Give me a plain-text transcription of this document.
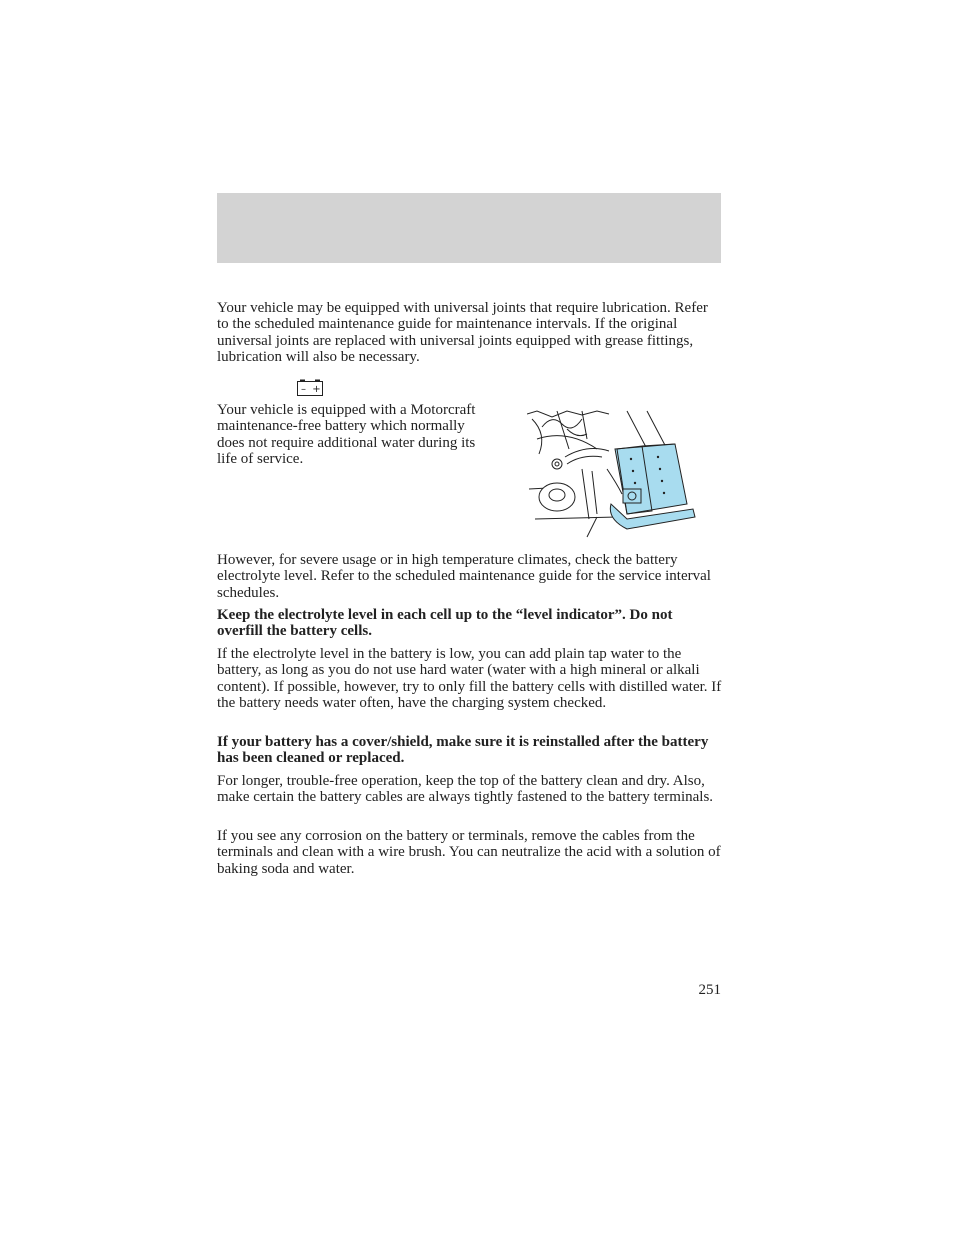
Your vehicle may be equipped with universal joints that require lubrication. Refer to the scheduled maintenance guide for maintenance intervals. If the original universal joints are replaced with universal joints equipped with grease fittings, lubrication will also be necessary.

– +

Your vehicle is equipped with a Motorcraft maintenance-free battery which normally does not require additional water during its life of service.

However, for severe usage or in high temperature climates, check the battery electrolyte level. Refer to the scheduled maintenance guide for the service interval schedules.

Keep the electrolyte level in each cell up to the “level indicator”. Do not overfill the battery cells.

If the electrolyte level in the battery is low, you can add plain tap water to the battery, as long as you do not use hard water (water with a high mineral or alkali content). If possible, however, try to only fill the battery cells with distilled water. If the battery needs water often, have the charging system checked.

If your battery has a cover/shield, make sure it is reinstalled after the battery has been cleaned or replaced.

For longer, trouble-free operation, keep the top of the battery clean and dry. Also, make certain the battery cables are always tightly fastened to the battery terminals.

If you see any corrosion on the battery or terminals, remove the cables from the terminals and clean with a wire brush. You can neutralize the acid with a solution of baking soda and water.

251
